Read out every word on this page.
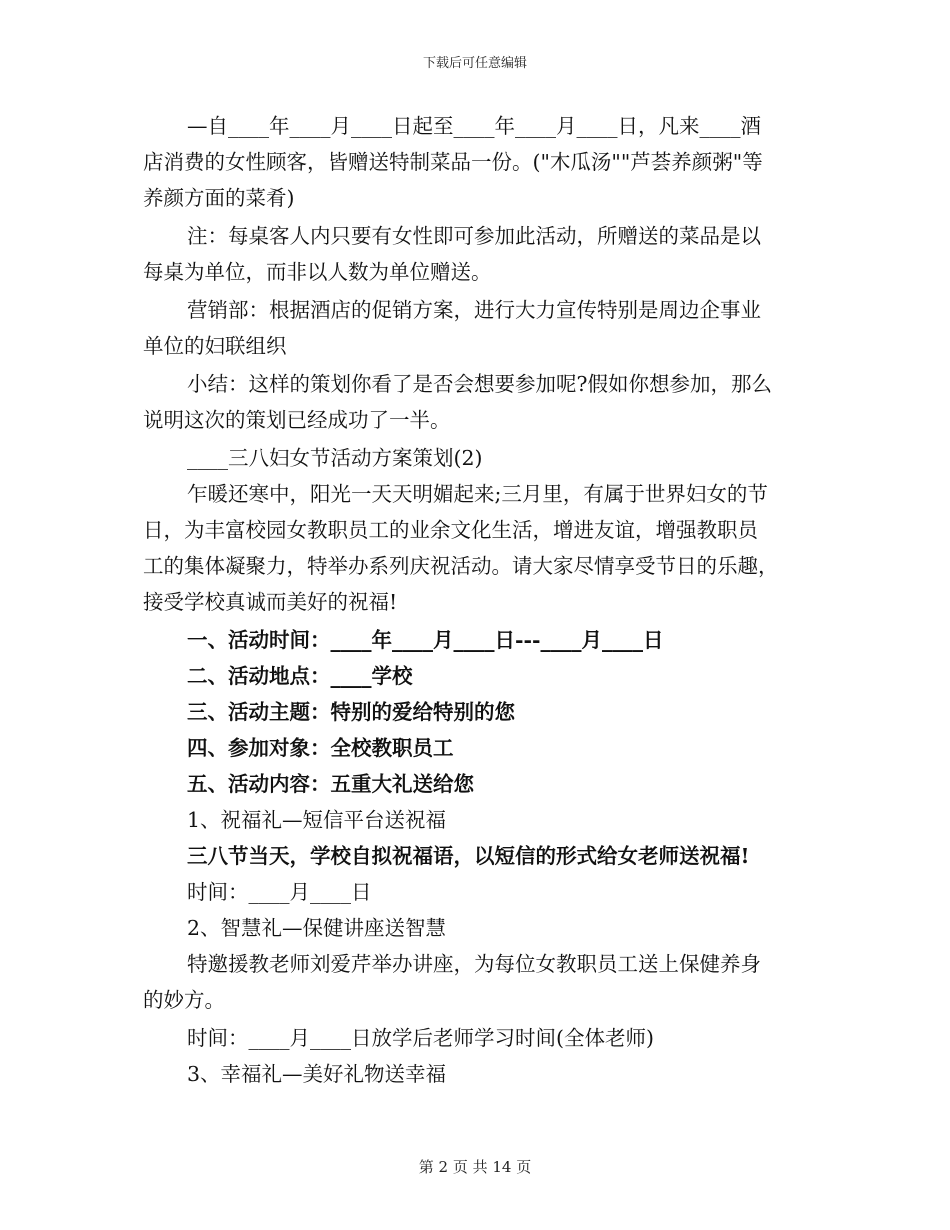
下载后可任意编辑
—自____年____月____日起至____年____月____日，凡来____酒
店消费的女性顾客，皆赠送特制菜品一份。("木瓜汤""芦荟养颜粥"等
养颜方面的菜肴)
注：每桌客人内只要有女性即可参加此活动，所赠送的菜品是以
每桌为单位，而非以人数为单位赠送。
营销部：根据酒店的促销方案，进行大力宣传特别是周边企事业
单位的妇联组织
小结：这样的策划你看了是否会想要参加呢?假如你想参加，那么
说明这次的策划已经成功了一半。
____三八妇女节活动方案策划(2)
乍暖还寒中，阳光一天天明媚起来;三月里，有属于世界妇女的节
日，为丰富校园女教职员工的业余文化生活，增进友谊，增强教职员
工的集体凝聚力，特举办系列庆祝活动。请大家尽情享受节日的乐趣，
接受学校真诚而美好的祝福!
一、活动时间：____年____月____日---____月____日
二、活动地点：____学校
三、活动主题：特别的爱给特别的您
四、参加对象：全校教职员工
五、活动内容：五重大礼送给您
1、祝福礼—短信平台送祝福
三八节当天，学校自拟祝福语，以短信的形式给女老师送祝福!
时间：____月____日
2、智慧礼—保健讲座送智慧
特邀援教老师刘爱芹举办讲座，为每位女教职员工送上保健养身
的妙方。
时间：____月____日放学后老师学习时间(全体老师)
3、幸福礼—美好礼物送幸福
第 2 页 共 14 页
